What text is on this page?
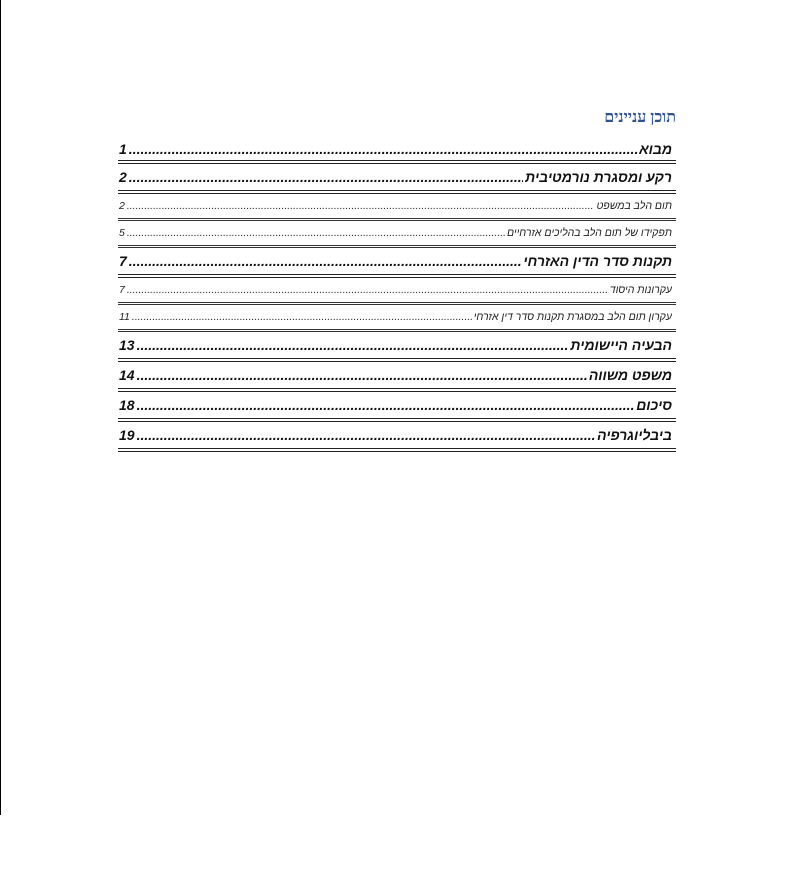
תוכן עניינים
מבוא
.....
1
רקע ומסגרת נורמטיבית
.....
2
תום הלב במשפט
.....
2
תפקידו של תום הלב בהליכים אזרחיים
.....
5
תקנות סדר הדין האזרחי
.....
7
עקרונות היסוד
.....
7
עקרון תום הלב במסגרת תקנות סדר דין אזרחי
.....
11
הבעיה היישומית
.....
13
משפט משווה
.....
14
סיכום
.....
18
ביבליוגרפיה
.....
19
